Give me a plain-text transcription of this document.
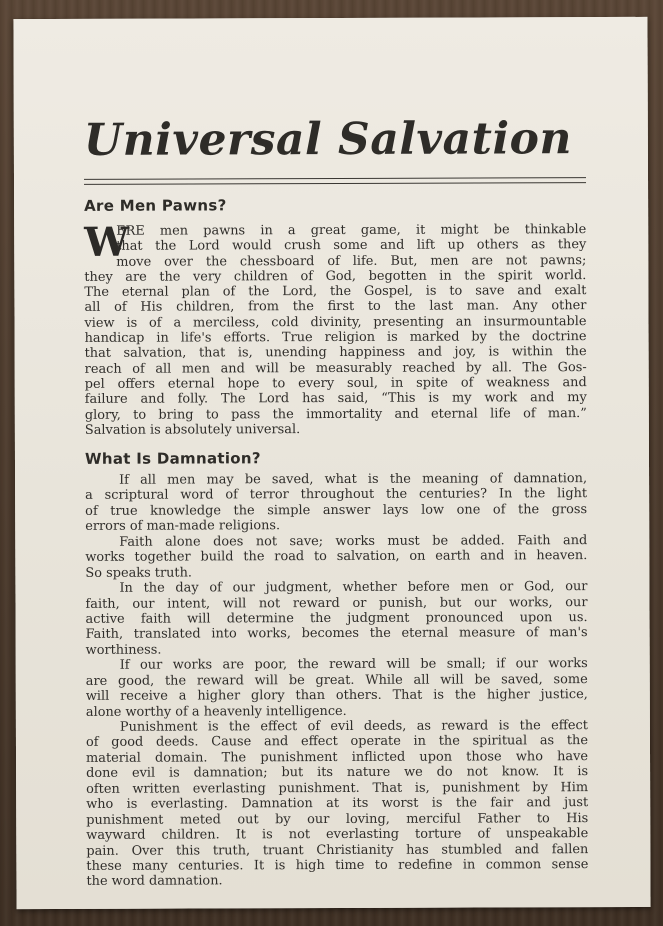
Universal Salvation
Are Men Pawns?
W
ERE men pawns in a great game, it might be thinkable
that the Lord would crush some and lift up others as they
move over the chessboard of life. But, men are not pawns;
they are the very children of God, begotten in the spirit world.
The eternal plan of the Lord, the Gospel, is to save and exalt
all of His children, from the first to the last man. Any other
view is of a merciless, cold divinity, presenting an insurmountable
handicap in life's efforts. True religion is marked by the doctrine
that salvation, that is, unending happiness and joy, is within the
reach of all men and will be measurably reached by all. The Gos-
pel offers eternal hope to every soul, in spite of weakness and
failure and folly. The Lord has said, “This is my work and my
glory, to bring to pass the immortality and eternal life of man.”
Salvation is absolutely universal.
What Is Damnation?
If all men may be saved, what is the meaning of damnation,
a scriptural word of terror throughout the centuries? In the light
of true knowledge the simple answer lays low one of the gross
errors of man-made religions.
Faith alone does not save; works must be added. Faith and
works together build the road to salvation, on earth and in heaven.
So speaks truth.
In the day of our judgment, whether before men or God, our
faith, our intent, will not reward or punish, but our works, our
active faith will determine the judgment pronounced upon us.
Faith, translated into works, becomes the eternal measure of man's
worthiness.
If our works are poor, the reward will be small; if our works
are good, the reward will be great. While all will be saved, some
will receive a higher glory than others. That is the higher justice,
alone worthy of a heavenly intelligence.
Punishment is the effect of evil deeds, as reward is the effect
of good deeds. Cause and effect operate in the spiritual as the
material domain. The punishment inflicted upon those who have
done evil is damnation; but its nature we do not know. It is
often written everlasting punishment. That is, punishment by Him
who is everlasting. Damnation at its worst is the fair and just
punishment meted out by our loving, merciful Father to His
wayward children. It is not everlasting torture of unspeakable
pain. Over this truth, truant Christianity has stumbled and fallen
these many centuries. It is high time to redefine in common sense
the word damnation.
